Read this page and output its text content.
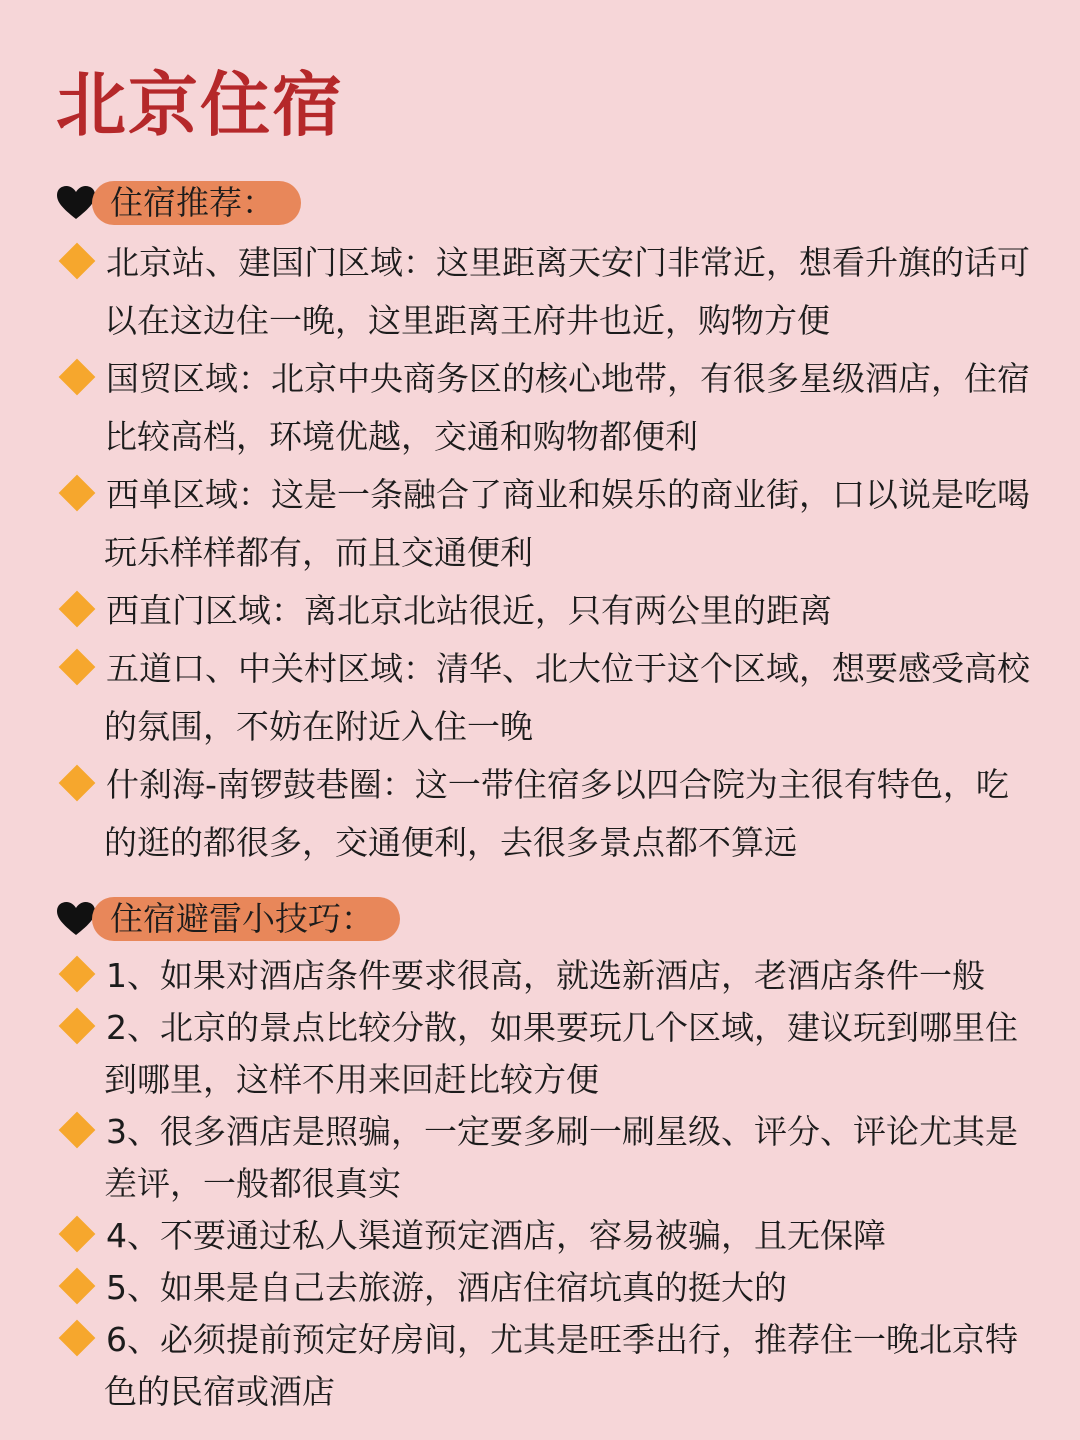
北京住宿
住宿推荐：
北京站、建国门区域：这里距离天安门非常近，想看升旗的话可以在这边住一晚，这里距离王府井也近，购物方便
国贸区域：北京中央商务区的核心地带，有很多星级酒店，住宿比较高档，环境优越，交通和购物都便利
西单区域：这是一条融合了商业和娱乐的商业街，口以说是吃喝玩乐样样都有，而且交通便利
西直门区域：离北京北站很近，只有两公里的距离
五道口、中关村区域：清华、北大位于这个区域，想要感受高校的氛围，不妨在附近入住一晚
什刹海-南锣鼓巷圈：这一带住宿多以四合院为主很有特色，吃的逛的都很多，交通便利，去很多景点都不算远
住宿避雷小技巧：
1、如果对酒店条件要求很高，就选新酒店，老酒店条件一般
2、北京的景点比较分散，如果要玩几个区域，建议玩到哪里住到哪里，这样不用来回赶比较方便
3、很多酒店是照骗，一定要多刷一刷星级、评分、评论尤其是差评，一般都很真实
4、不要通过私人渠道预定酒店，容易被骗，且无保障
5、如果是自己去旅游，酒店住宿坑真的挺大的
6、必须提前预定好房间，尤其是旺季出行，推荐住一晚北京特色的民宿或酒店
